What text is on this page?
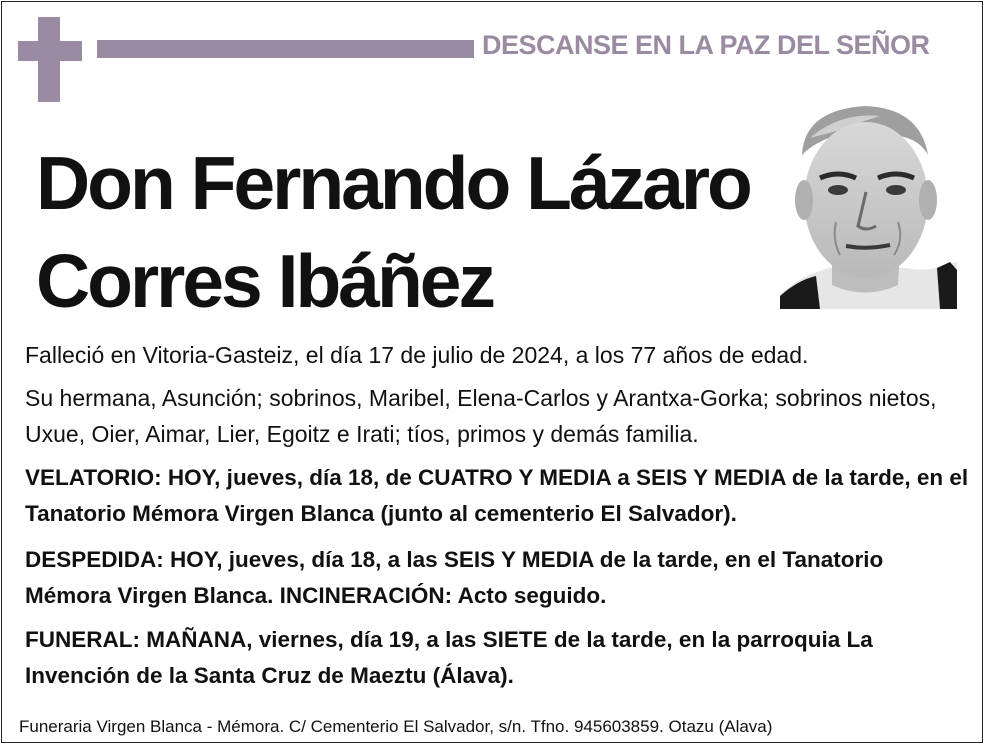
DESCANSE EN LA PAZ DEL SEÑOR
Don Fernando Lázaro
Corres Ibáñez
Falleció en Vitoria-Gasteiz, el día 17 de julio de 2024, a los 77 años de edad.
Su hermana, Asunción; sobrinos, Maribel, Elena-Carlos y Arantxa-Gorka; sobrinos nietos, Uxue, Oier, Aimar, Lier, Egoitz e Irati; tíos, primos y demás familia.
VELATORIO: HOY, jueves, día 18, de CUATRO Y MEDIA a SEIS Y MEDIA de la tarde, en el Tanatorio Mémora Virgen Blanca (junto al cementerio El Salvador).
DESPEDIDA: HOY, jueves, día 18, a las SEIS Y MEDIA de la tarde, en el Tanatorio Mémora Virgen Blanca. INCINERACIÓN: Acto seguido.
FUNERAL: MAÑANA, viernes, día 19, a las SIETE de la tarde, en la parroquia La Invención de la Santa Cruz de Maeztu (Álava).
Funeraria Virgen Blanca - Mémora. C/ Cementerio El Salvador, s/n. Tfno. 945603859. Otazu (Alava)
